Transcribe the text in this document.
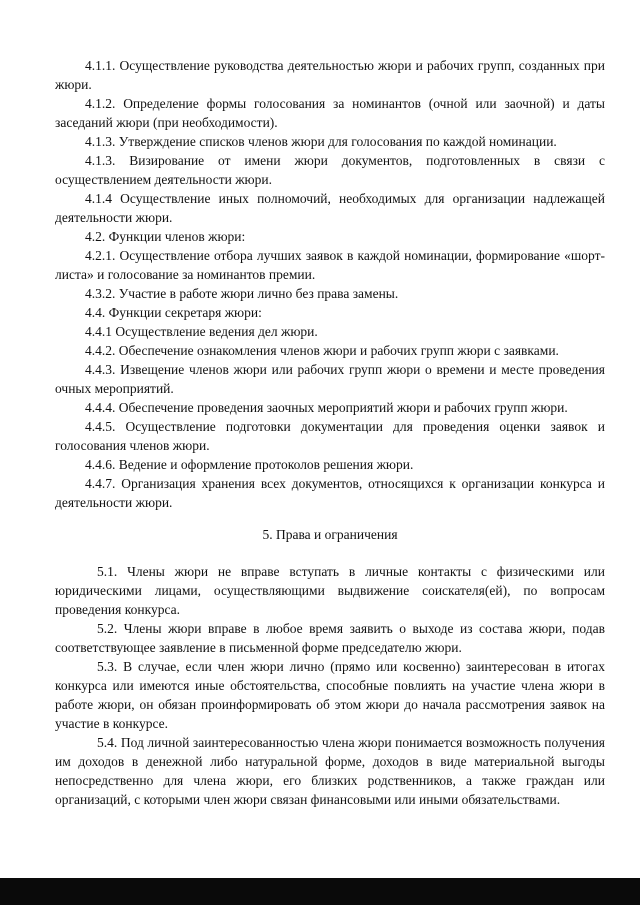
4.1.1. Осуществление руководства деятельностью жюри и рабочих групп, созданных при жюри.

4.1.2. Определение формы голосования за номинантов (очной или заочной) и даты заседаний жюри (при необходимости).

4.1.3. Утверждение списков членов жюри для голосования по каждой номинации.

4.1.3. Визирование от имени жюри документов, подготовленных в связи с осуществлением деятельности жюри.

4.1.4 Осуществление иных полномочий, необходимых для организации надлежащей деятельности жюри.

4.2. Функции членов жюри:

4.2.1. Осуществление отбора лучших заявок в каждой номинации, формирование «шорт-листа» и голосование за номинантов премии.

4.3.2. Участие в работе жюри лично без права замены.

4.4. Функции секретаря жюри:

4.4.1 Осуществление ведения дел жюри.

4.4.2. Обеспечение ознакомления членов жюри и рабочих групп жюри с заявками.

4.4.3. Извещение членов жюри или рабочих групп жюри о времени и месте проведения очных мероприятий.

4.4.4. Обеспечение проведения заочных мероприятий жюри и рабочих групп жюри.

4.4.5. Осуществление подготовки документации для проведения оценки заявок и голосования членов жюри.

4.4.6. Ведение и оформление протоколов решения жюри.

4.4.7. Организация хранения всех документов, относящихся к организации конкурса и деятельности жюри.

5. Права и ограничения

5.1. Члены жюри не вправе вступать в личные контакты с физическими или юридическими лицами, осуществляющими выдвижение соискателя(ей), по вопросам проведения конкурса.

5.2. Члены жюри вправе в любое время заявить о выходе из состава жюри, подав соответствующее заявление в письменной форме председателю жюри.

5.3. В случае, если член жюри лично (прямо или косвенно) заинтересован в итогах конкурса или имеются иные обстоятельства, способные повлиять на участие члена жюри в работе жюри, он обязан проинформировать об этом жюри до начала рассмотрения заявок на участие в конкурсе.

5.4. Под личной заинтересованностью члена жюри понимается возможность получения им доходов в денежной либо натуральной форме, доходов в виде материальной выгоды непосредственно для члена жюри, его близких родственников, а также граждан или организаций, с которыми член жюри связан финансовыми или иными обязательствами.
